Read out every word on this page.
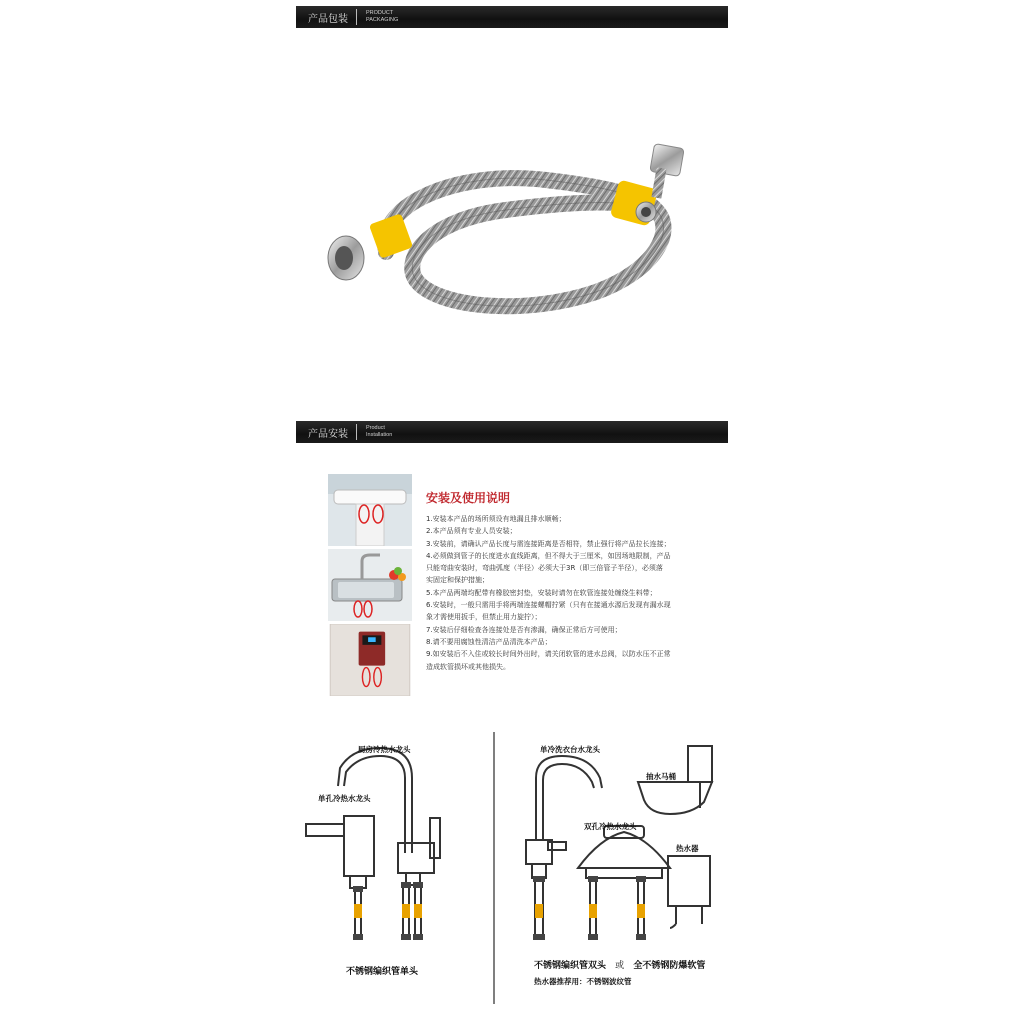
产品包装
PRODUCT
PACKAGING
产品安装
Product
Installation
安装及使用说明
1.安装本产品的场所须设有地漏且排水顺畅；
2.本产品须有专业人员安装；
3.安装前，请确认产品长度与需连接距离是否相符，禁止强行将产品拉长连接；
4.必须做到管子的长度进水直线距离，但不得大于三厘米，如因场地限制，产品
只能弯曲安装时，弯曲弧度（半径）必须大于3R（即三倍管子半径），必须落
实固定和保护措施；
5.本产品两端均配带有橡胶密封垫，安装时请勿在软管连接处缠绕生料带；
6.安装时，一般只需用手将两端连接螺帽拧紧（只有在接通水源后发现有漏水现
象才需使用扳手，但禁止用力旋拧）；
7.安装后仔细检查各连接处是否有渗漏，确保正常后方可使用；
8.请不要用腐蚀性清洁产品清洗本产品；
9.如安装后不入住或较长时间外出时，请关闭软管的进水总阀，以防水压不正常
造成软管损坏或其他损失。
厨房冷热水龙头
单孔冷热水龙头
不锈钢编织管单头
单冷洗衣台水龙头
抽水马桶
双孔冷热水龙头
热水器
不锈钢编织管双头 或 全不锈钢防爆软管
热水器推荐用：不锈钢波纹管
